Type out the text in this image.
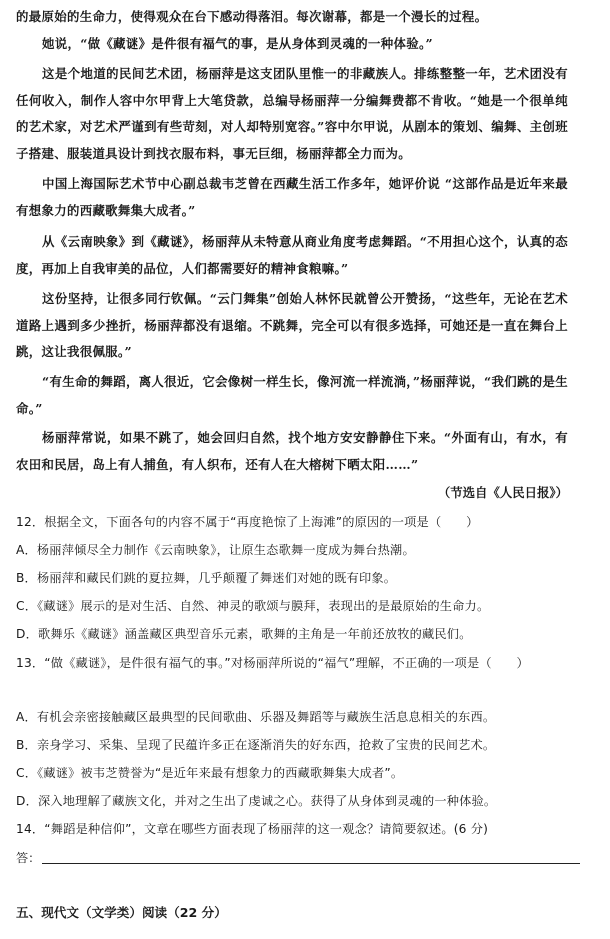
的最原始的生命力，使得观众在台下感动得落泪。每次谢幕，都是一个漫长的过程。

她说，“做《藏谜》是件很有福气的事，是从身体到灵魂的一种体验。”

这是个地道的民间艺术团，杨丽萍是这支团队里惟一的非藏族人。排练整整一年，艺术团没有任何收入，制作人容中尔甲背上大笔贷款，总编导杨丽萍一分编舞费都不肯收。“她是一个很单纯的艺术家，对艺术严谨到有些苛刻，对人却特别宽容。”容中尔甲说，从剧本的策划、编舞、主创班子搭建、服装道具设计到找衣服布料，事无巨细，杨丽萍都全力而为。

中国上海国际艺术节中心副总裁韦芝曾在西藏生活工作多年，她评价说 “这部作品是近年来最有想象力的西藏歌舞集大成者。”

从《云南映象》到《藏谜》，杨丽萍从未特意从商业角度考虑舞蹈。“不用担心这个，认真的态度，再加上自我审美的品位，人们都需要好的精神食粮嘛。”

这份坚持，让很多同行钦佩。“云门舞集”创始人林怀民就曾公开赞扬，“这些年，无论在艺术道路上遇到多少挫折，杨丽萍都没有退缩。不跳舞，完全可以有很多选择，可她还是一直在舞台上跳，这让我很佩服。”

“有生命的舞蹈，离人很近，它会像树一样生长，像河流一样流淌，”杨丽萍说，“我们跳的是生命。”

杨丽萍常说，如果不跳了，她会回归自然，找个地方安安静静住下来。“外面有山，有水，有农田和民居，岛上有人捕鱼，有人织布，还有人在大榕树下晒太阳……”

（节选自《人民日报》）

12．根据全文，下面各句的内容不属于“再度艳惊了上海滩”的原因的一项是（　　）

A．杨丽萍倾尽全力制作《云南映象》，让原生态歌舞一度成为舞台热潮。

B．杨丽萍和藏民们跳的夏拉舞，几乎颠覆了舞迷们对她的既有印象。

C．《藏谜》展示的是对生活、自然、神灵的歌颂与膜拜，表现出的是最原始的生命力。

D．歌舞乐《藏谜》涵盖藏区典型音乐元素，歌舞的主角是一年前还放牧的藏民们。

13．“做《藏谜》，是件很有福气的事。”对杨丽萍所说的“福气”理解，不正确的一项是（　　）

A．有机会亲密接触藏区最典型的民间歌曲、乐器及舞蹈等与藏族生活息息相关的东西。

B．亲身学习、采集、呈现了民蕴许多正在逐渐消失的好东西，抢救了宝贵的民间艺术。

C．《藏谜》被韦芝赞誉为“是近年来最有想象力的西藏歌舞集大成者”。

D．深入地理解了藏族文化，并对之生出了虔诚之心。获得了从身体到灵魂的一种体验。

14．“舞蹈是种信仰”，文章在哪些方面表现了杨丽萍的这一观念？请简要叙述。(6 分)

答：

五、现代文（文学类）阅读（22 分）
